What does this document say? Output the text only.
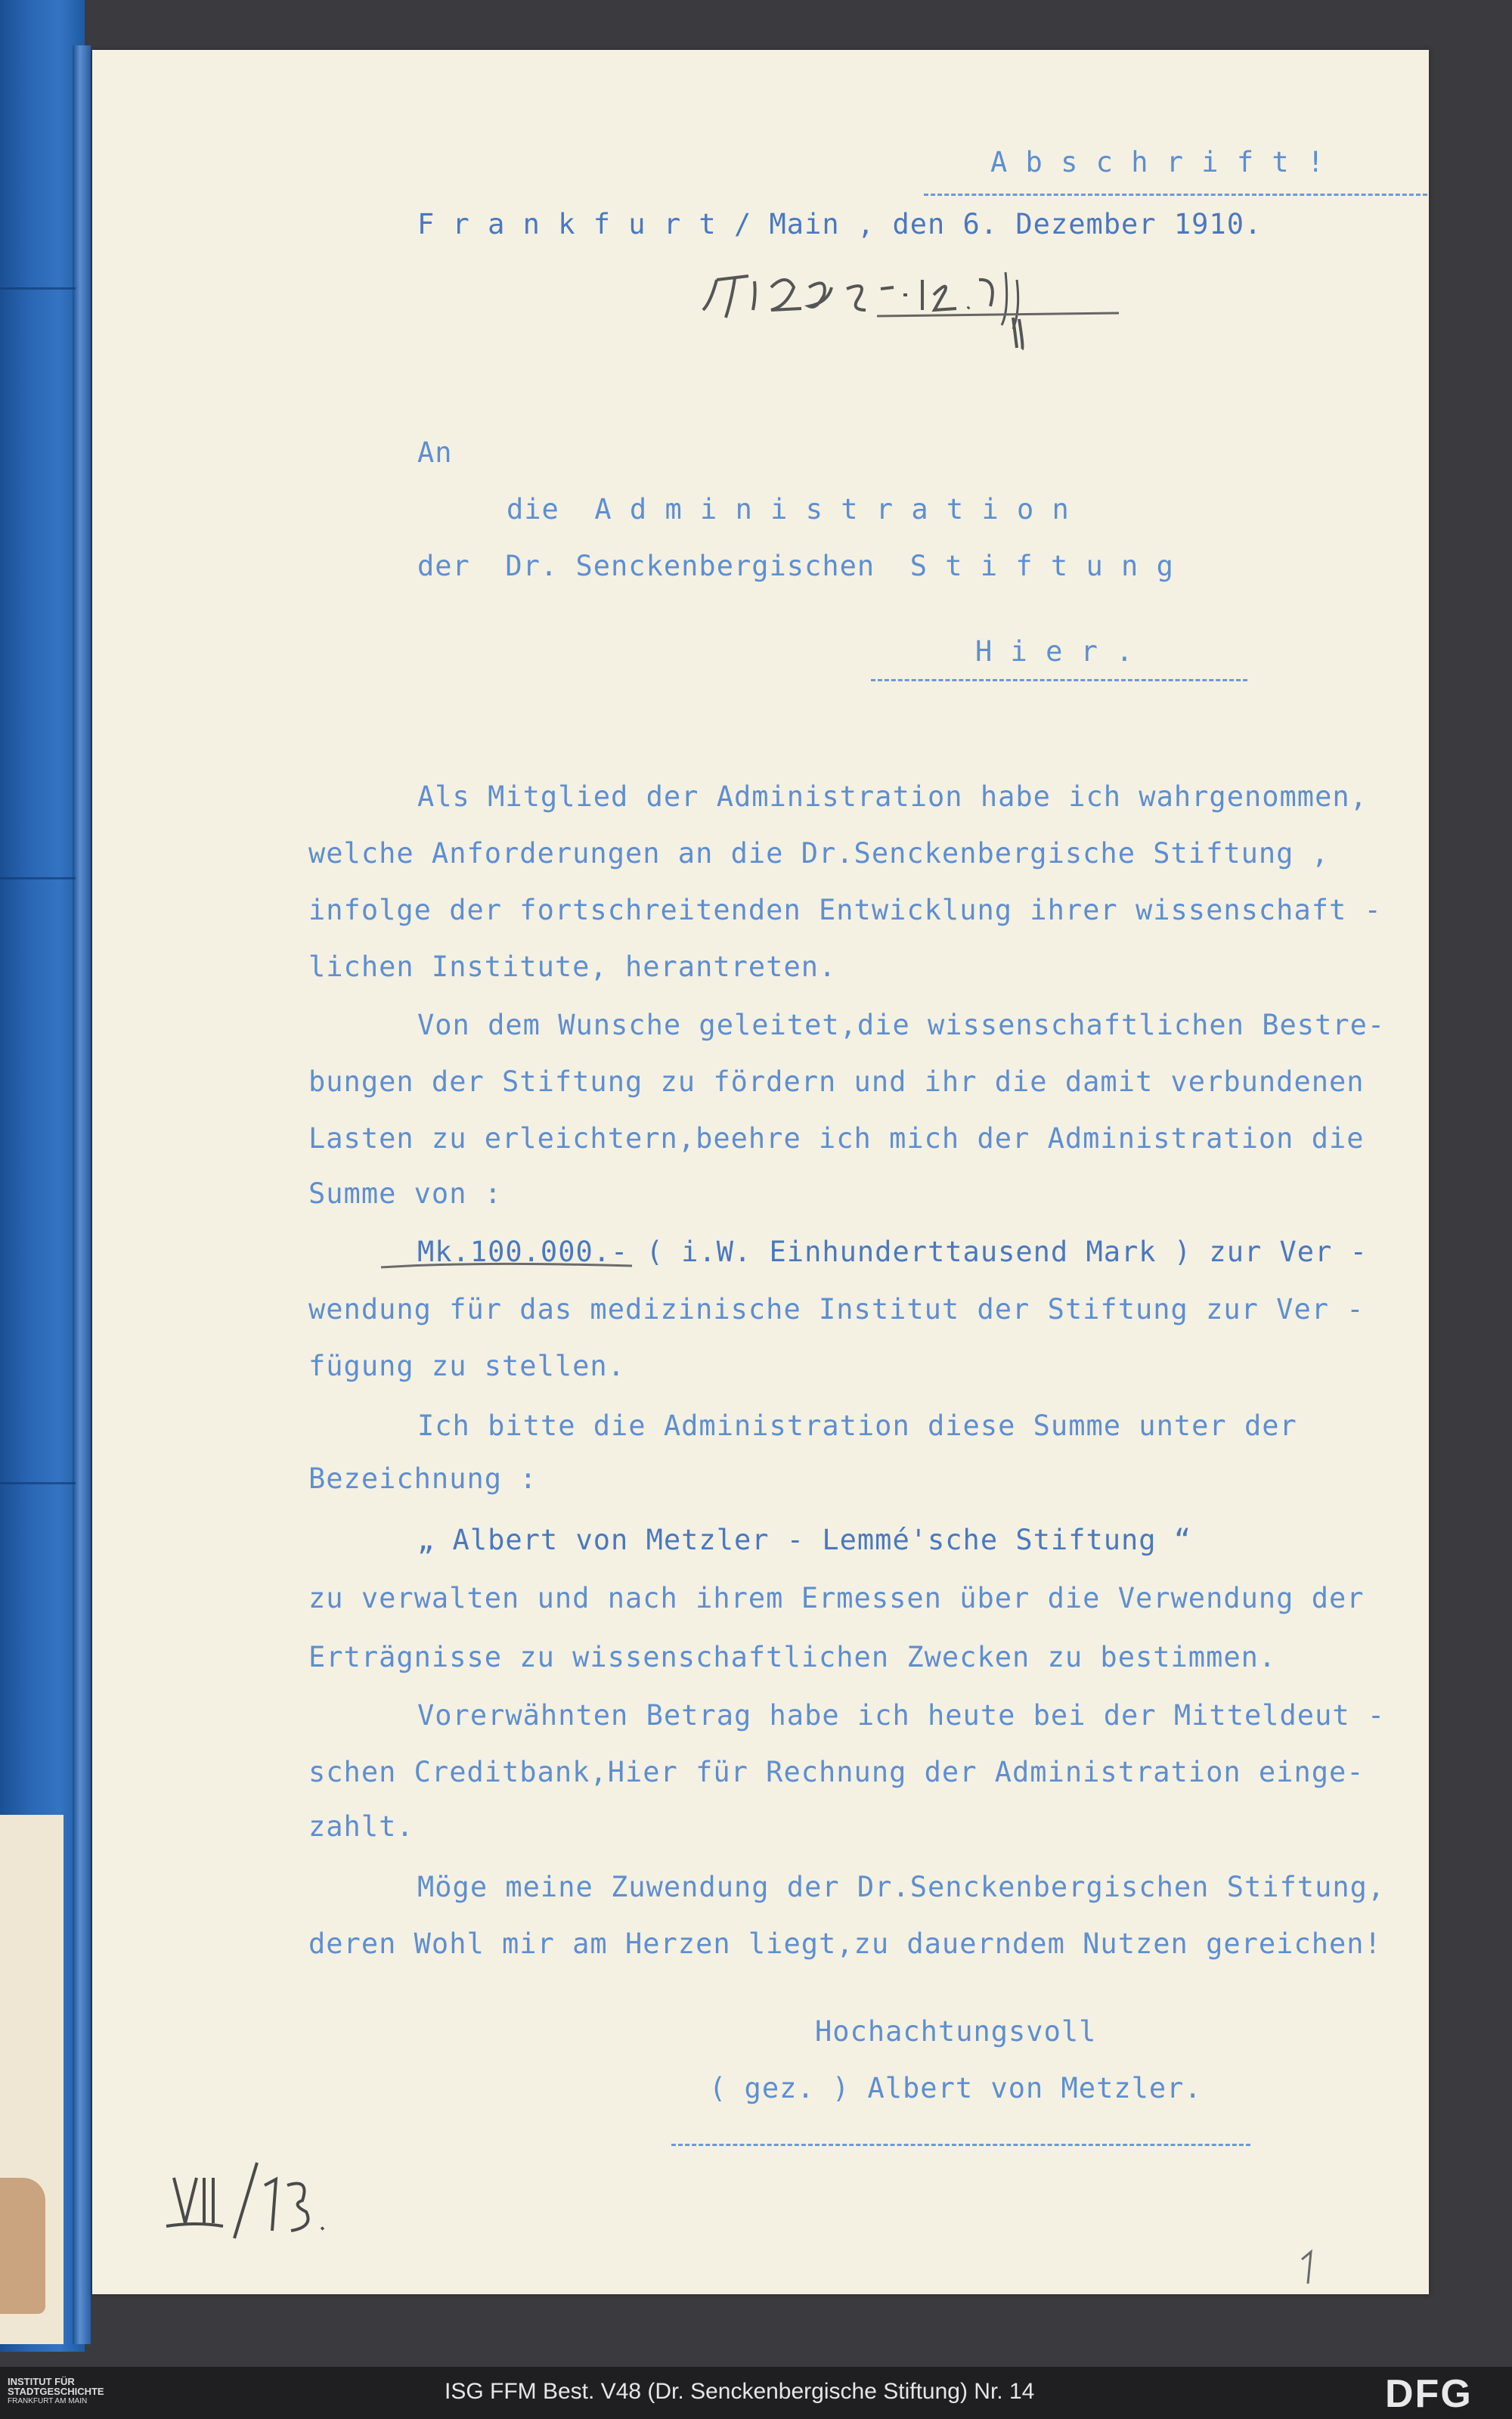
A b s c h r i f t !
F r a n k f u r t / Main , den 6. Dezember 1910.
An
die  A d m i n i s t r a t i o n
der  Dr. Senckenbergischen  S t i f t u n g
H i e r .
Als Mitglied der Administration habe ich wahrgenommen,
welche Anforderungen an die Dr.Senckenbergische Stiftung ,
infolge der fortschreitenden Entwicklung ihrer wissenschaft -
lichen Institute, herantreten.
Von dem Wunsche geleitet,die wissenschaftlichen Bestre-
bungen der Stiftung zu fördern und ihr die damit verbundenen
Lasten zu erleichtern,beehre ich mich der Administration die
Summe von :
Mk.100.000.- ( i.W. Einhunderttausend Mark ) zur Ver -
wendung für das medizinische Institut der Stiftung zur Ver -
fügung zu stellen.
Ich bitte die Administration diese Summe unter der
Bezeichnung :
„ Albert von Metzler - Lemmé'sche Stiftung “
zu verwalten und nach ihrem Ermessen über die Verwendung der
Erträgnisse zu wissenschaftlichen Zwecken zu bestimmen.
Vorerwähnten Betrag habe ich heute bei der Mitteldeut -
schen Creditbank,Hier für Rechnung der Administration einge-
zahlt.
Möge meine Zuwendung der Dr.Senckenbergischen Stiftung,
deren Wohl mir am Herzen liegt,zu dauerndem Nutzen gereichen!
Hochachtungsvoll
( gez. ) Albert von Metzler.
INSTITUT FÜR
STADTGESCHICHTE
FRANKFURT AM MAIN	ISG FFM Best. V48 (Dr. Senckenbergische Stiftung) Nr. 14	DFG
